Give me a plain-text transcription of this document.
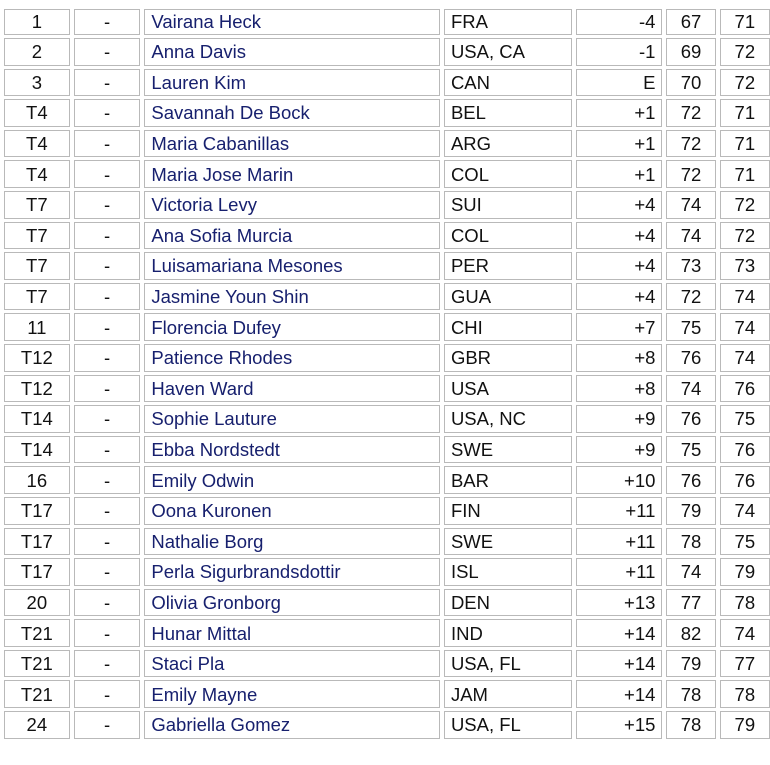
1	-	Vairana Heck	FRA	-4	67	71
2	-	Anna Davis	USA, CA	-1	69	72
3	-	Lauren Kim	CAN	E	70	72
T4	-	Savannah De Bock	BEL	+1	72	71
T4	-	Maria Cabanillas	ARG	+1	72	71
T4	-	Maria Jose Marin	COL	+1	72	71
T7	-	Victoria Levy	SUI	+4	74	72
T7	-	Ana Sofia Murcia	COL	+4	74	72
T7	-	Luisamariana Mesones	PER	+4	73	73
T7	-	Jasmine Youn Shin	GUA	+4	72	74
11	-	Florencia Dufey	CHI	+7	75	74
T12	-	Patience Rhodes	GBR	+8	76	74
T12	-	Haven Ward	USA	+8	74	76
T14	-	Sophie Lauture	USA, NC	+9	76	75
T14	-	Ebba Nordstedt	SWE	+9	75	76
16	-	Emily Odwin	BAR	+10	76	76
T17	-	Oona Kuronen	FIN	+11	79	74
T17	-	Nathalie Borg	SWE	+11	78	75
T17	-	Perla Sigurbrandsdottir	ISL	+11	74	79
20	-	Olivia Gronborg	DEN	+13	77	78
T21	-	Hunar Mittal	IND	+14	82	74
T21	-	Staci Pla	USA, FL	+14	79	77
T21	-	Emily Mayne	JAM	+14	78	78
24	-	Gabriella Gomez	USA, FL	+15	78	79
